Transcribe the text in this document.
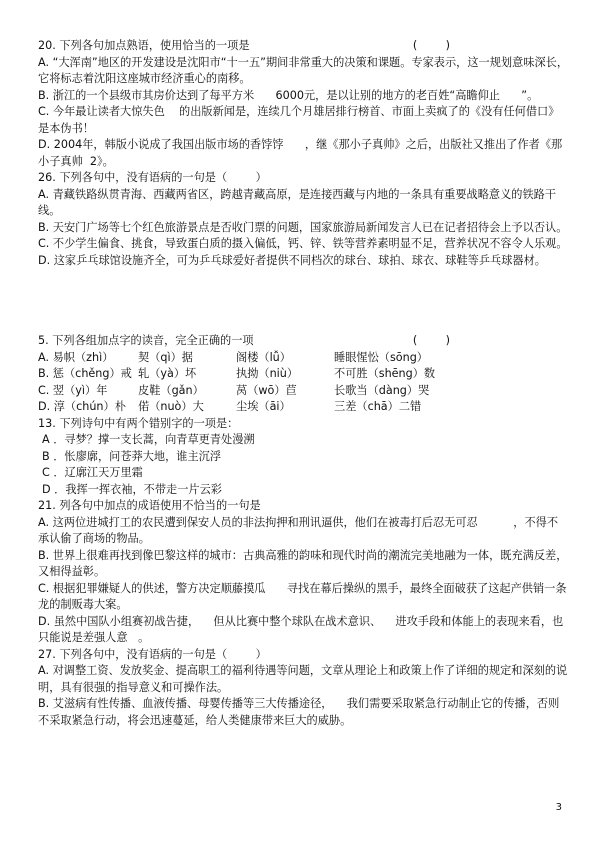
20. 下列各句加点熟语，使用恰当的一项是	(        )
A. “大浑南”地区的开发建设是沈阳市“十一五”期间非常重大的决策和课题。专家表示，这一规划意味深长，它将标志着沈阳这座城市经济重心的南移。
B. 浙江的一个县级市其房价达到了每平方米      6000元，是以让别的地方的老百姓“高瞻仰止      ”。
C. 今年最让读者大惊失色    的出版新闻是，连续几个月雄居排行榜首、市面上卖疯了的《没有任何借口》是本伪书！
D. 2004年，韩版小说成了我国出版市场的香饽饽      ，继《那小子真帅》之后，出版社又推出了作者《那小子真帅  2》。
26. 下列各句中，没有语病的一句是（        ）
A. 青藏铁路纵贯青海、西藏两省区，跨越青藏高原，是连接西藏与内地的一条具有重要战略意义的铁路干线。
B. 天安门广场等七个红色旅游景点是否收门票的问题，国家旅游局新闻发言人已在记者招待会上予以否认。
C. 不少学生偏食、挑食，导致蛋白质的摄入偏低，钙、锌、铁等营养素明显不足，营养状况不容令人乐观。
D. 这家乒乓球馆设施齐全，可为乒乓球爱好者提供不同档次的球台、球拍、球衣、球鞋等乒乓球器材。
5. 下列各组加点字的读音，完全正确的一项	(        )
A. 易帜（zhì）	契（qì）据	阁楼（lǚ）	睡眼惺忪（sōng）
B. 惩（chěng）戒 轧（yà）坏	执拗（niù）	不可胜（shēng）数
C. 翌（yì）年	皮鞋（gǎn）	莴（wō）苣	长歌当（dàng）哭
D. 淳（chún）朴	偌（nuò）大	尘埃（āi）	三差（chā）二错
13. 下列诗句中有两个错别字的一项是：
A ．寻梦？撑一支长蒿，向青草更青处漫溯
B ．怅廖廓，问苍莽大地，谁主沉浮
C ．辽廓江天万里霜
D ．我挥一挥衣袖，不带走一片云彩
21. 列各句中加点的成语使用不恰当的一句是
A. 这两位进城打工的农民遭到保安人员的非法拘押和刑讯逼供，他们在被毒打后忍无可忍          ，不得不承认偷了商场的物品。
B. 世界上很难再找到像巴黎这样的城市：古典高雅的韵味和现代时尚的潮流完美地融为一体，既充满反差，又相得益彰。
C. 根据犯罪嫌疑人的供述，警方决定顺藤摸瓜      寻找在幕后操纵的黑手，最终全面破获了这起产供销一条龙的制贩毒大案。
D. 虽然中国队小组赛初战告捷，    但从比赛中整个球队在战术意识、    进攻手段和体能上的表现来看，也只能说是差强人意   。
27. 下列各句中，没有语病的一句是（        ）
A. 对调整工资、发放奖金、提高职工的福利待遇等问题，文章从理论上和政策上作了详细的规定和深刻的说明，具有很强的指导意义和可操作法。
B. 艾滋病有性传播、血液传播、母婴传播等三大传播途径，    我们需要采取紧急行动制止它的传播，否则不采取紧急行动，将会迅速蔓延，给人类健康带来巨大的威胁。
3
